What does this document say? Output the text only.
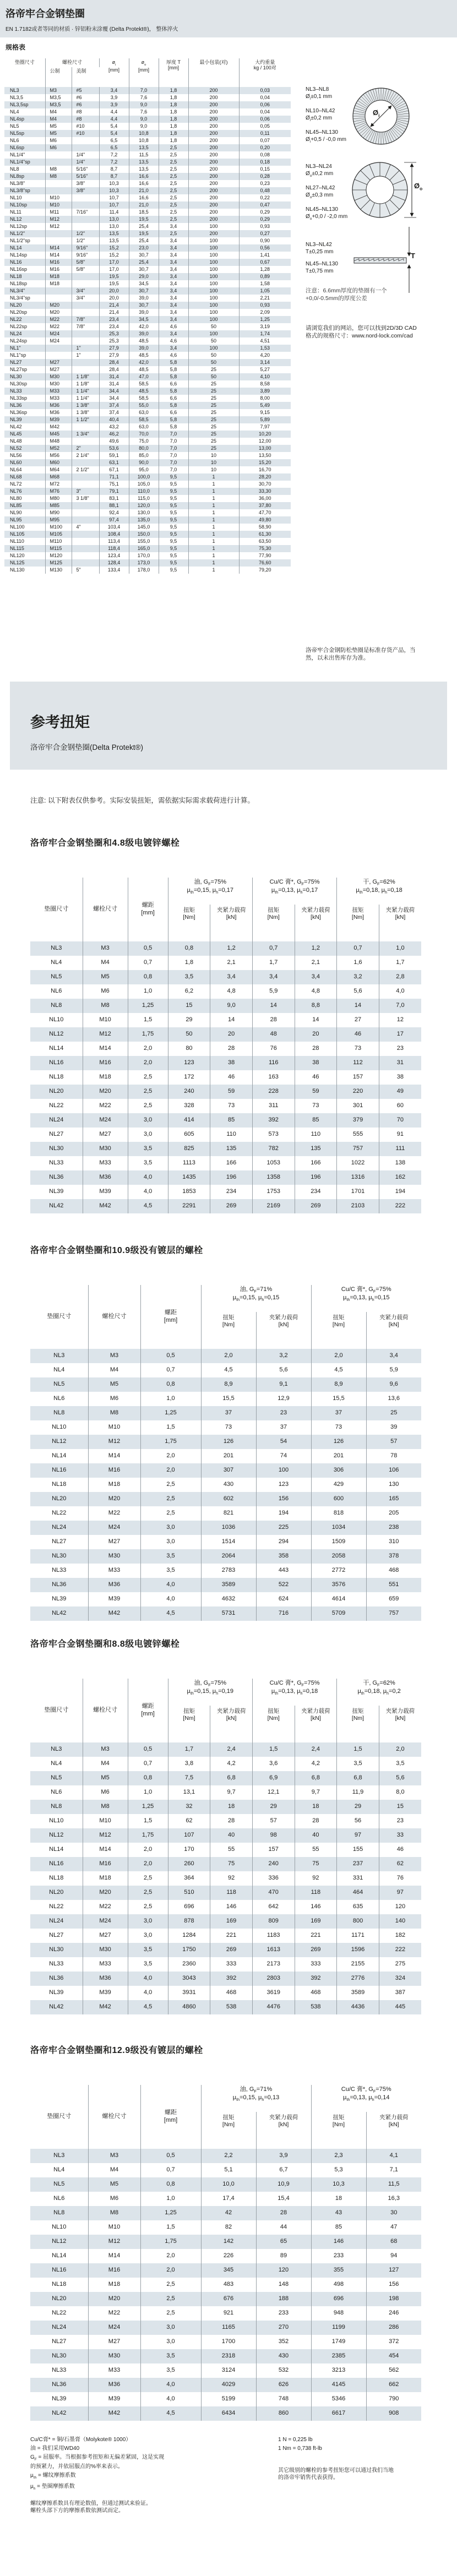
洛帝牢合金钢垫圈

EN 1.7182或者等同的材质 · 锌铝粉末涂覆 (Delta Protekt®)， 整体淬火

规格表
垫圈尺寸	螺栓尺寸		$ø_i$
[mm]	$ø_o$
[mm]	厚度 T
[mm]	最小包装(对)	大约重量
kg / 100对
	公制	美制					
NL3	M3	#5	3,4	7,0	1,8	200	0,03
NL3,5	M3,5	#6	3,9	7,6	1,8	200	0,04
NL3,5sp	M3,5	#6	3,9	9,0	1,8	200	0,06
NL4	M4	#8	4,4	7,6	1,8	200	0,04
NL4sp	M4	#8	4,4	9,0	1,8	200	0,06
NL5	M5	#10	5,4	9,0	1,8	200	0,05
NL5sp	M5	#10	5,4	10,8	1,8	200	0,11
NL6	M6		6,5	10,8	1,8	200	0,07
NL6sp	M6		6,5	13,5	2,5	200	0,20
NL1/4"		1/4"	7,2	11,5	2,5	200	0,08
NL1/4"sp		1/4"	7,2	13,5	2,5	200	0,18
NL8	M8	5/16"	8,7	13,5	2,5	200	0,15
NL8sp	M8	5/16"	8,7	16,6	2,5	200	0,28
NL3/8"		3/8"	10,3	16,6	2,5	200	0,23
NL3/8"sp		3/8"	10,3	21,0	2,5	200	0,48
NL10	M10		10,7	16,6	2,5	200	0,22
NL10sp	M10		10,7	21,0	2,5	200	0,47
NL11	M11	7/16"	11,4	18,5	2,5	200	0,29
NL12	M12		13,0	19,5	2,5	200	0,29
NL12sp	M12		13,0	25,4	3,4	100	0,93
NL1/2"		1/2"	13,5	19,5	2,5	200	0,27
NL1/2"sp		1/2"	13,5	25,4	3,4	100	0,90
NL14	M14	9/16"	15,2	23,0	3,4	100	0,56
NL14sp	M14	9/16"	15,2	30,7	3,4	100	1,41
NL16	M16	5/8"	17,0	25,4	3,4	100	0,67
NL16sp	M16	5/8"	17,0	30,7	3,4	100	1,28
NL18	M18		19,5	29,0	3,4	100	0,89
NL18sp	M18		19,5	34,5	3,4	100	1,58
NL3/4"		3/4"	20,0	30,7	3,4	100	1,05
NL3/4"sp		3/4"	20,0	39,0	3,4	100	2,21
NL20	M20		21,4	30,7	3,4	100	0,93
NL20sp	M20		21,4	39,0	3,4	100	2,09
NL22	M22	7/8"	23,4	34,5	3,4	100	1,25
NL22sp	M22	7/8"	23,4	42,0	4,6	50	3,19
NL24	M24		25,3	39,0	3,4	100	1,74
NL24sp	M24		25,3	48,5	4,6	50	4,51
NL1"		1"	27,9	39,0	3,4	100	1,53
NL1"sp		1"	27,9	48,5	4,6	50	4,20
NL27	M27		28,4	42,0	5,8	50	3,14
NL27sp	M27		28,4	48,5	5,8	25	5,27
NL30	M30	1 1/8"	31,4	47,0	5,8	50	4,10
NL30sp	M30	1 1/8"	31,4	58,5	6,6	25	8,58
NL33	M33	1 1/4"	34,4	48,5	5,8	25	3,89
NL33sp	M33	1 1/4"	34,4	58,5	6,6	25	8,00
NL36	M36	1 3/8"	37,4	55,0	5,8	25	5,49
NL36sp	M36	1 3/8"	37,4	63,0	6,6	25	9,15
NL39	M39	1 1/2"	40,4	58,5	5,8	25	5,89
NL42	M42		43,2	63,0	5,8	25	7,97
NL45	M45	1 3/4"	46,2	70,0	7,0	25	10,20
NL48	M48		49,6	75,0	7,0	25	12,00
NL52	M52	2"	53,6	80,0	7,0	25	13,00
NL56	M56	2 1/4"	59,1	85,0	7,0	10	13,50
NL60	M60		63,1	90,0	7,0	10	15,20
NL64	M64	2 1/2"	67,1	95,0	7,0	10	16,70
NL68	M68		71,1	100,0	9,5	1	28,20
NL72	M72		75,1	105,0	9,5	1	30,70
NL76	M76	3"	79,1	110,0	9,5	1	33,30
NL80	M80	3 1/8"	83,1	115,0	9,5	1	36,00
NL85	M85		88,1	120,0	9,5	1	37,80
NL90	M90		92,4	130,0	9,5	1	47,70
NL95	M95		97,4	135,0	9,5	1	49,80
NL100	M100	4"	103,4	145,0	9,5	1	58,90
NL105	M105		108,4	150,0	9,5	1	61,30
NL110	M110		113,4	155,0	9,5	1	63,50
NL115	M115		118,4	165,0	9,5	1	75,30
NL120	M120		123,4	170,0	9,5	1	77,90
NL125	M125		128,4	173,0	9,5	1	76,60
NL130	M130	5"	133,4	178,0	9,5	1	79,20

NL3–NL8
$Ø_i\pm 0,1$ mm

NL10–NL42
$Ø_i\pm 0,2$ mm

NL45–NL130
$Ø_i+0,5 / -0,0$ mm

NL3–NL24
$Ø_o\pm 0,2$ mm

NL27–NL42
$Ø_o\pm 0,3$ mm

NL45–NL130
$Ø_o+0,0 / -2,0$ mm

NL3–NL42
T±0,25 mm

NL45–NL130
T±0,75 mm

$Ø_i$
$Ø_o$
T
注意：6.6mm厚度的垫圈有一个
+0,0/-0.5mm的厚度公差
请浏览我们的网站，您可以找到2D/3D CAD
格式的规格尺寸：www.nord-lock.com/cad
洛帝牢合金钢防松垫圈是标准存货产品，当
然，以未出售库存为准。
参考扭矩

洛帝牢合金钢垫圈(Delta Protekt®)

注意: 以下附表仅供参考。实际安装扭矩，需依据实际需求载荷进行计算。
洛帝牢合金钢垫圈和4.8级电镀锌螺栓
垫圈尺寸	螺栓尺寸	螺距
[mm]	油, $G_F=75\%$
$\mu_{th}=0,15$, $\mu_h=0,17$		Cu/C 膏*, $G_F=75\%$
$\mu_{th}=0,13$, $\mu_h=0,17$		干, $G_F=62\%$
$\mu_{th}=0,18$, $\mu_h=0,18$	
			扭矩
[Nm]	夹紧力载荷
[kN]	扭矩
[Nm]	夹紧力载荷
[kN]	扭矩
[Nm]	夹紧力载荷
[kN]
NL3	M3	0,5	0,8	1,2	0,7	1,2	0,7	1,0
NL4	M4	0,7	1,8	2,1	1,7	2,1	1,6	1,7
NL5	M5	0,8	3,5	3,4	3,4	3,4	3,2	2,8
NL6	M6	1,0	6,2	4,8	5,9	4,8	5,6	4,0
NL8	M8	1,25	15	9,0	14	8,8	14	7,0
NL10	M10	1,5	29	14	28	14	27	12
NL12	M12	1,75	50	20	48	20	46	17
NL14	M14	2,0	80	28	76	28	73	23
NL16	M16	2,0	123	38	116	38	112	31
NL18	M18	2,5	172	46	163	46	157	38
NL20	M20	2,5	240	59	228	59	220	49
NL22	M22	2,5	328	73	311	73	301	60
NL24	M24	3,0	414	85	392	85	379	70
NL27	M27	3,0	605	110	573	110	555	91
NL30	M30	3,5	825	135	782	135	757	111
NL33	M33	3,5	1113	166	1053	166	1022	138
NL36	M36	4,0	1435	196	1358	196	1316	162
NL39	M39	4,0	1853	234	1753	234	1701	194
NL42	M42	4,5	2291	269	2169	269	2103	222
洛帝牢合金钢垫圈和10.9级没有镀层的螺栓
垫圈尺寸	螺栓尺寸	螺距
[mm]	油, $G_F=71\%$
$\mu_{th}=0,15$, $\mu_h=0,15$		Cu/C 膏*, $G_F=75\%$
$\mu_{th}=0,13$, $\mu_h=0,15$	
			扭矩
[Nm]	夹紧力载荷
[kN]	扭矩
[Nm]	夹紧力载荷
[kN]
NL3	M3	0,5	2,0	3,2	2,0	3,4
NL4	M4	0,7	4,5	5,6	4,5	5,9
NL5	M5	0,8	8,9	9,1	8,9	9,6
NL6	M6	1,0	15,5	12,9	15,5	13,6
NL8	M8	1,25	37	23	37	25
NL10	M10	1,5	73	37	73	39
NL12	M12	1,75	126	54	126	57
NL14	M14	2,0	201	74	201	78
NL16	M16	2,0	307	100	306	106
NL18	M18	2,5	430	123	429	130
NL20	M20	2,5	602	156	600	165
NL22	M22	2,5	821	194	818	205
NL24	M24	3,0	1036	225	1034	238
NL27	M27	3,0	1514	294	1509	310
NL30	M30	3,5	2064	358	2058	378
NL33	M33	3,5	2783	443	2772	468
NL36	M36	4,0	3589	522	3576	551
NL39	M39	4,0	4632	624	4614	659
NL42	M42	4,5	5731	716	5709	757
洛帝牢合金钢垫圈和8.8级电镀锌螺栓
垫圈尺寸	螺栓尺寸	螺距
[mm]	油, $G_F=75\%$
$\mu_{th}=0,15$, $\mu_h=0,19$		Cu/C 膏*, $G_F=75\%$
$\mu_{th}=0,13$, $\mu_h=0,18$		干, $G_F=62\%$
$\mu_{th}=0,18$, $\mu_h=0,2$	
			扭矩
[Nm]	夹紧力载荷
[kN]	扭矩
[Nm]	夹紧力载荷
[kN]	扭矩
[Nm]	夹紧力载荷
[kN]
NL3	M3	0,5	1,7	2,4	1,5	2,4	1,5	2,0
NL4	M4	0,7	3,8	4,2	3,6	4,2	3,5	3,5
NL5	M5	0,8	7,5	6,8	6,9	6,8	6,8	5,6
NL6	M6	1,0	13,1	9,7	12,1	9,7	11,9	8,0
NL8	M8	1,25	32	18	29	18	29	15
NL10	M10	1,5	62	28	57	28	56	23
NL12	M12	1,75	107	40	98	40	97	33
NL14	M14	2,0	170	55	157	55	155	46
NL16	M16	2,0	260	75	240	75	237	62
NL18	M18	2,5	364	92	336	92	331	76
NL20	M20	2,5	510	118	470	118	464	97
NL22	M22	2,5	696	146	642	146	635	120
NL24	M24	3,0	878	169	809	169	800	140
NL27	M27	3,0	1284	221	1183	221	1171	182
NL30	M30	3,5	1750	269	1613	269	1596	222
NL33	M33	3,5	2360	333	2173	333	2155	275
NL36	M36	4,0	3043	392	2803	392	2776	324
NL39	M39	4,0	3931	468	3619	468	3589	387
NL42	M42	4,5	4860	538	4476	538	4436	445
洛帝牢合金钢垫圈和12.9级没有镀层的螺栓
垫圈尺寸	螺栓尺寸	螺距
[mm]	油, $G_F=71\%$
$\mu_{th}=0,15$, $\mu_h=0,13$		Cu/C 膏*, $G_F=75\%$
$\mu_{th}=0,13$, $\mu_h=0,14$	
			扭矩
[Nm]	夹紧力载荷
[kN]	扭矩
[Nm]	夹紧力载荷
[kN]
NL3	M3	0,5	2,2	3,9	2,3	4,1
NL4	M4	0,7	5,1	6,7	5,3	7,1
NL5	M5	0,8	10,0	10,9	10,3	11,5
NL6	M6	1,0	17,4	15,4	18	16,3
NL8	M8	1,25	42	28	43	30
NL10	M10	1,5	82	44	85	47
NL12	M12	1,75	142	65	146	68
NL14	M14	2,0	226	89	233	94
NL16	M16	2,0	345	120	355	127
NL18	M18	2,5	483	148	498	156
NL20	M20	2,5	676	188	696	198
NL22	M22	2,5	921	233	948	246
NL24	M24	3,0	1165	270	1199	286
NL27	M27	3,0	1700	352	1749	372
NL30	M30	3,5	2318	430	2385	454
NL33	M33	3,5	3124	532	3213	562
NL36	M36	4,0	4029	626	4145	662
NL39	M39	4,0	5199	748	5346	790
NL42	M42	4,5	6434	860	6617	908

Cu/C膏* = 铜/石墨膏（Molykote® 1000）

油 = 我们采用WD40

$G_F$ = 屈服率。当根据参考扭矩和无偏差紧固，这是实现
的预紧力，并依屈服点的%率来表示。

$\mu_{th}$ = 螺纹摩擦系数

$\mu_h$ = 垫圈摩擦系数

螺纹摩擦系数具有理论数值，但通过测试来验证。
螺栓头部下方的摩擦系数依测试而定。

1 N = 0,225 lb

1 Nm = 0,738 ft-lb

其它级别的螺栓的参考扭矩您可以通过我们当地
的洛帝牢销售代表获得。
